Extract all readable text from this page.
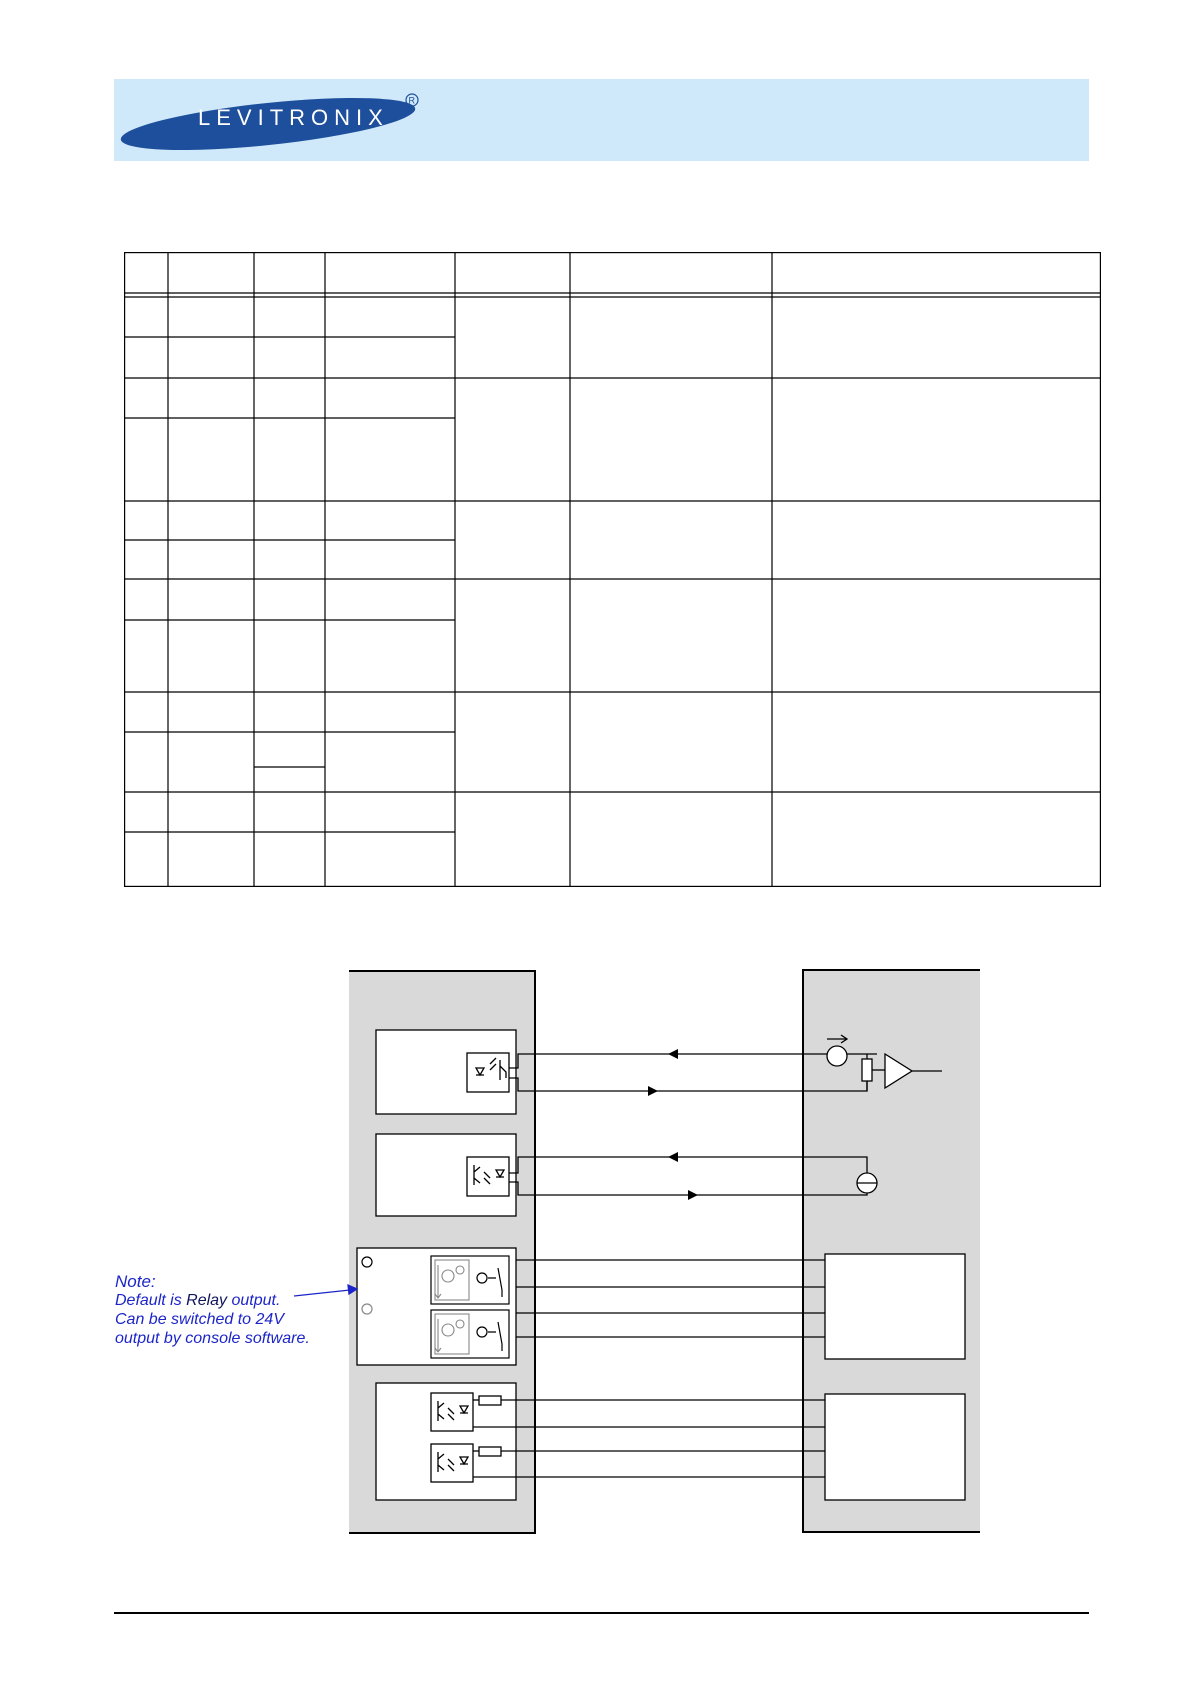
LEVITRONIX
R
Note:
Default is Relay output.
Can be switched to 24V
output by console software.
